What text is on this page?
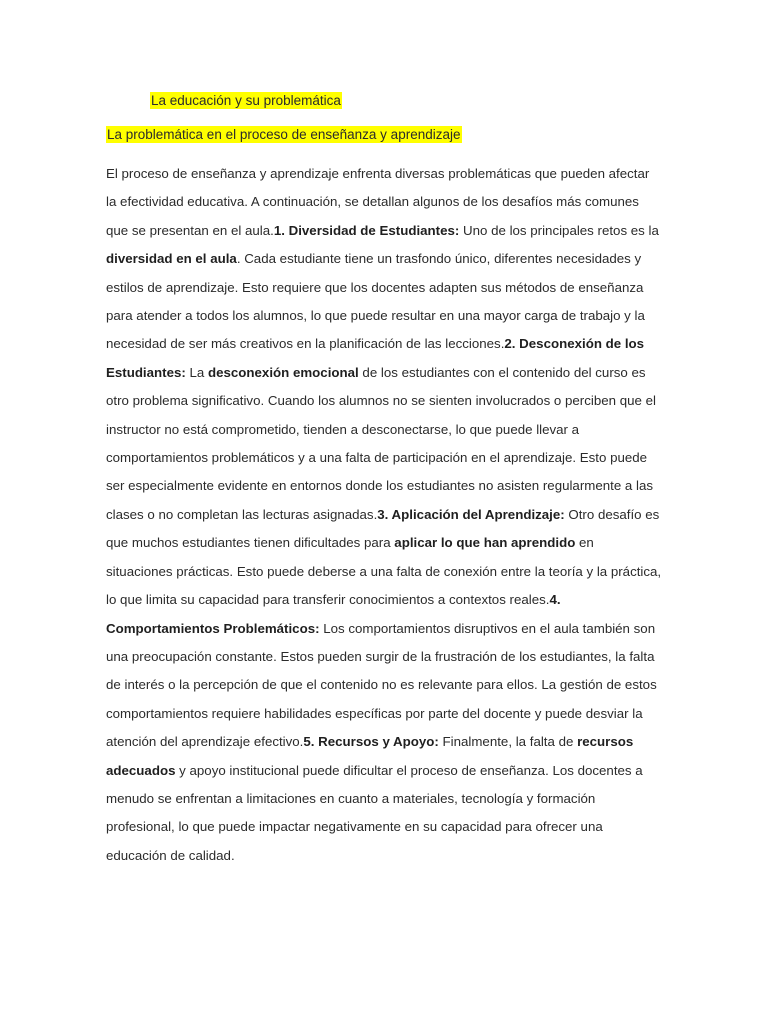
La educación y su problemática
La problemática en el proceso de enseñanza y aprendizaje

El proceso de enseñanza y aprendizaje enfrenta diversas problemáticas que pueden afectar la efectividad educativa. A continuación, se detallan algunos de los desafíos más comunes que se presentan en el aula.1. Diversidad de Estudiantes: Uno de los principales retos es la diversidad en el aula. Cada estudiante tiene un trasfondo único, diferentes necesidades y estilos de aprendizaje. Esto requiere que los docentes adapten sus métodos de enseñanza para atender a todos los alumnos, lo que puede resultar en una mayor carga de trabajo y la necesidad de ser más creativos en la planificación de las lecciones.2. Desconexión de los Estudiantes: La desconexión emocional de los estudiantes con el contenido del curso es otro problema significativo. Cuando los alumnos no se sienten involucrados o perciben que el instructor no está comprometido, tienden a desconectarse, lo que puede llevar a comportamientos problemáticos y a una falta de participación en el aprendizaje. Esto puede ser especialmente evidente en entornos donde los estudiantes no asisten regularmente a las clases o no completan las lecturas asignadas.3. Aplicación del Aprendizaje: Otro desafío es que muchos estudiantes tienen dificultades para aplicar lo que han aprendido en situaciones prácticas. Esto puede deberse a una falta de conexión entre la teoría y la práctica, lo que limita su capacidad para transferir conocimientos a contextos reales.4. Comportamientos Problemáticos: Los comportamientos disruptivos en el aula también son una preocupación constante. Estos pueden surgir de la frustración de los estudiantes, la falta de interés o la percepción de que el contenido no es relevante para ellos. La gestión de estos comportamientos requiere habilidades específicas por parte del docente y puede desviar la atención del aprendizaje efectivo.5. Recursos y Apoyo: Finalmente, la falta de recursos adecuados y apoyo institucional puede dificultar el proceso de enseñanza. Los docentes a menudo se enfrentan a limitaciones en cuanto a materiales, tecnología y formación profesional, lo que puede impactar negativamente en su capacidad para ofrecer una educación de calidad.
